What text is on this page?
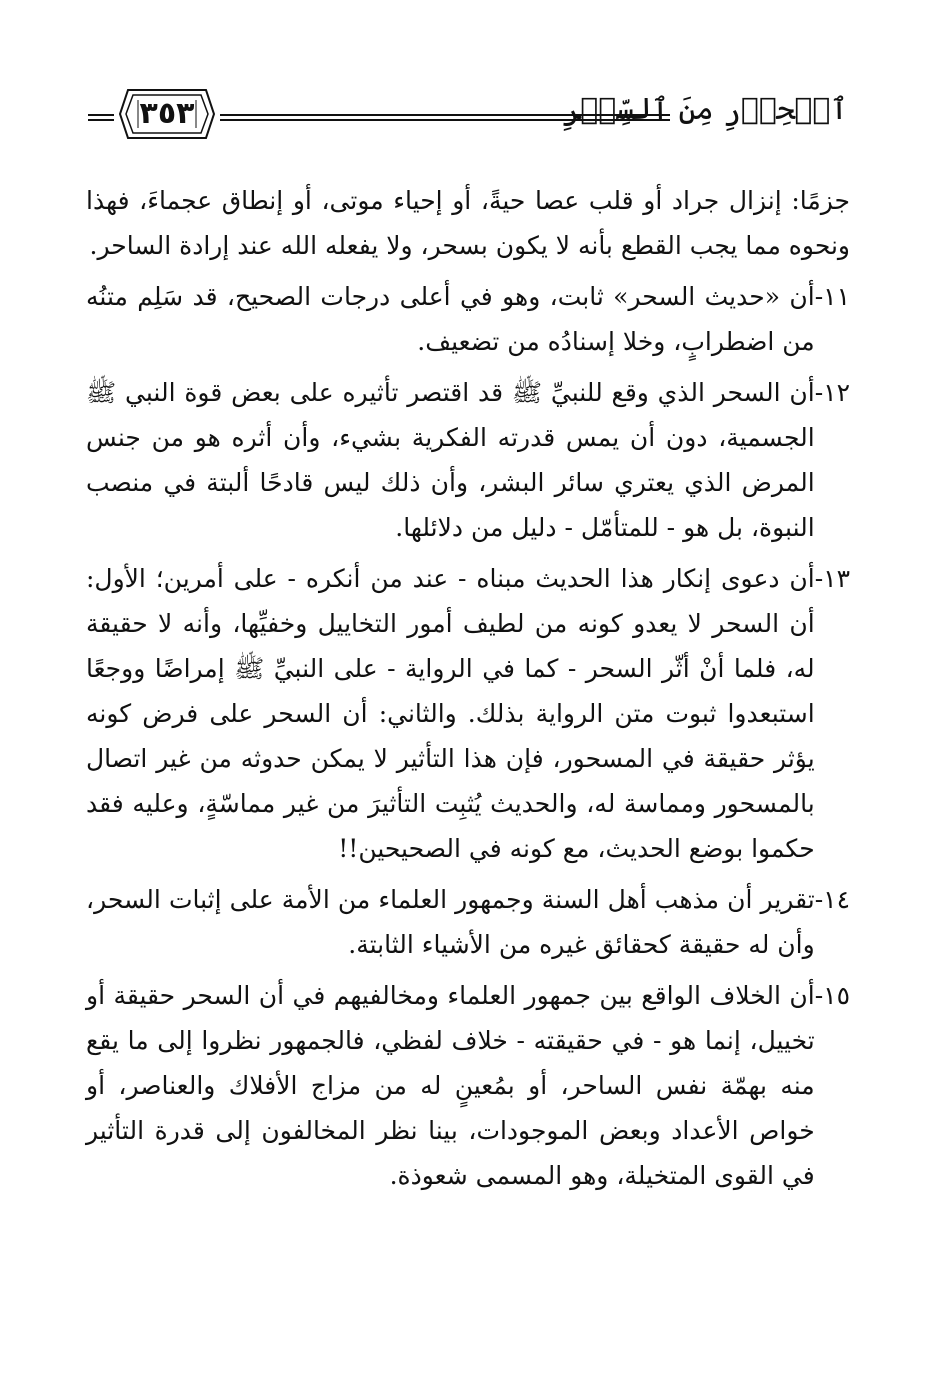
ٱلۡحِذۡرِ مِنَ ٱلسِّحۡرِ
٣٥٣

جزمًا: إنزال جراد أو قلب عصا حيةً، أو إحياء موتى، أو إنطاق عجماءَ، فهذا ونحوه مما يجب القطع بأنه لا يكون بسحر، ولا يفعله الله عند إرادة الساحر.

١١-
أن «حديث السحر» ثابت، وهو في أعلى درجات الصحيح، قد سَلِم متنُه من اضطرابٍ، وخلا إسنادُه من تضعيف.
١٢-
أن السحر الذي وقع للنبيِّ ﷺ قد اقتصر تأثيره على بعض قوة النبي ﷺ الجسمية، دون أن يمس قدرته الفكرية بشيء، وأن أثره هو من جنس المرض الذي يعتري سائر البشر، وأن ذلك ليس قادحًا ألبتة في منصب النبوة، بل هو - للمتأمّل - دليل من دلائلها.
١٣-
أن دعوى إنكار هذا الحديث مبناه - عند من أنكره - على أمرين؛ الأول: أن السحر لا يعدو كونه من لطيف أمور التخاييل وخفيِّها، وأنه لا حقيقة له، فلما أنْ أثّر السحر - كما في الرواية - على النبيِّ ﷺ إمراضًا ووجعًا استبعدوا ثبوت متن الرواية بذلك. والثاني: أن السحر على فرض كونه يؤثر حقيقة في المسحور، فإن هذا التأثير لا يمكن حدوثه من غير اتصال بالمسحور ومماسة له، والحديث يُثبِت التأثيرَ من غير مماسّةٍ، وعليه فقد حكموا بوضع الحديث، مع كونه في الصحيحين!!
١٤-
تقرير أن مذهب أهل السنة وجمهور العلماء من الأمة على إثبات السحر، وأن له حقيقة كحقائق غيره من الأشياء الثابتة.
١٥-
أن الخلاف الواقع بين جمهور العلماء ومخالفيهم في أن السحر حقيقة أو تخييل، إنما هو - في حقيقته - خلاف لفظي، فالجمهور نظروا إلى ما يقع منه بهمّة نفس الساحر، أو بمُعينٍ له من مزاج الأفلاك والعناصر، أو خواص الأعداد وبعض الموجودات، بينا نظر المخالفون إلى قدرة التأثير في القوى المتخيلة، وهو المسمى شعوذة.
